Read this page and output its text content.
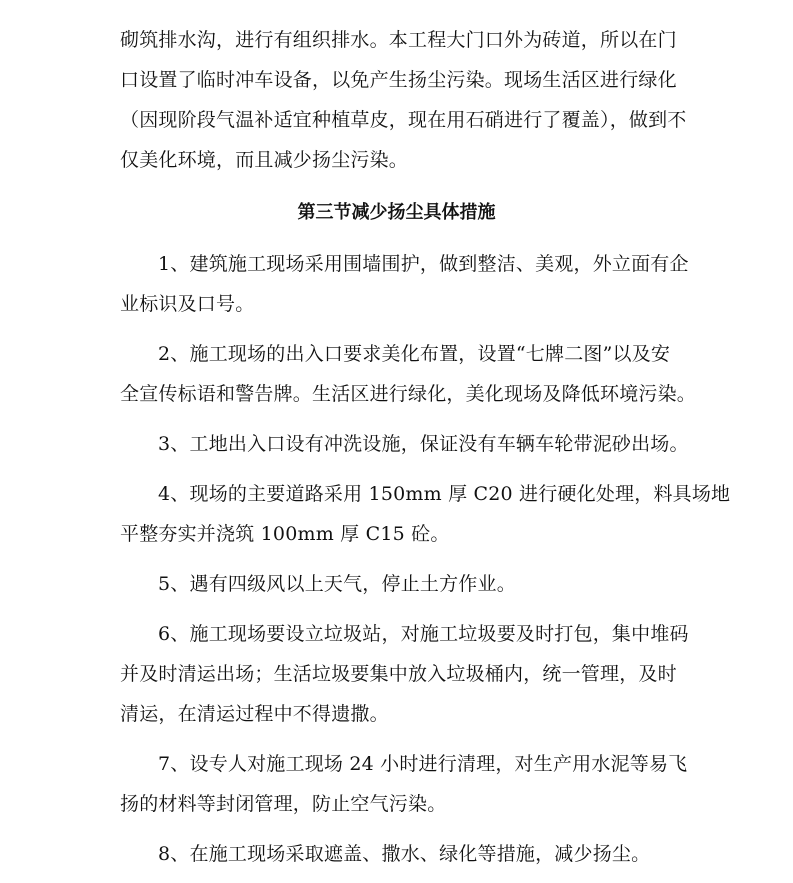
砌筑排水沟，进行有组织排水。本工程大门口外为砖道，所以在门
口设置了临时冲车设备，以免产生扬尘污染。现场生活区进行绿化
（因现阶段气温补适宜种植草皮，现在用石硝进行了覆盖），做到不
仅美化环境，而且减少扬尘污染。
第三节减少扬尘具体措施
1、建筑施工现场采用围墙围护，做到整洁、美观，外立面有企
业标识及口号。
2、施工现场的出入口要求美化布置，设置“七牌二图”以及安
全宣传标语和警告牌。生活区进行绿化，美化现场及降低环境污染。
3、工地出入口设有冲洗设施，保证没有车辆车轮带泥砂出场。
4、现场的主要道路采用 150mm 厚 C20 进行硬化处理，料具场地
平整夯实并浇筑 100mm 厚 C15 砼。
5、遇有四级风以上天气，停止土方作业。
6、施工现场要设立垃圾站，对施工垃圾要及时打包，集中堆码
并及时清运出场；生活垃圾要集中放入垃圾桶内，统一管理，及时
清运，在清运过程中不得遗撒。
7、设专人对施工现场 24 小时进行清理，对生产用水泥等易飞
扬的材料等封闭管理，防止空气污染。
8、在施工现场采取遮盖、撒水、绿化等措施，减少扬尘。
